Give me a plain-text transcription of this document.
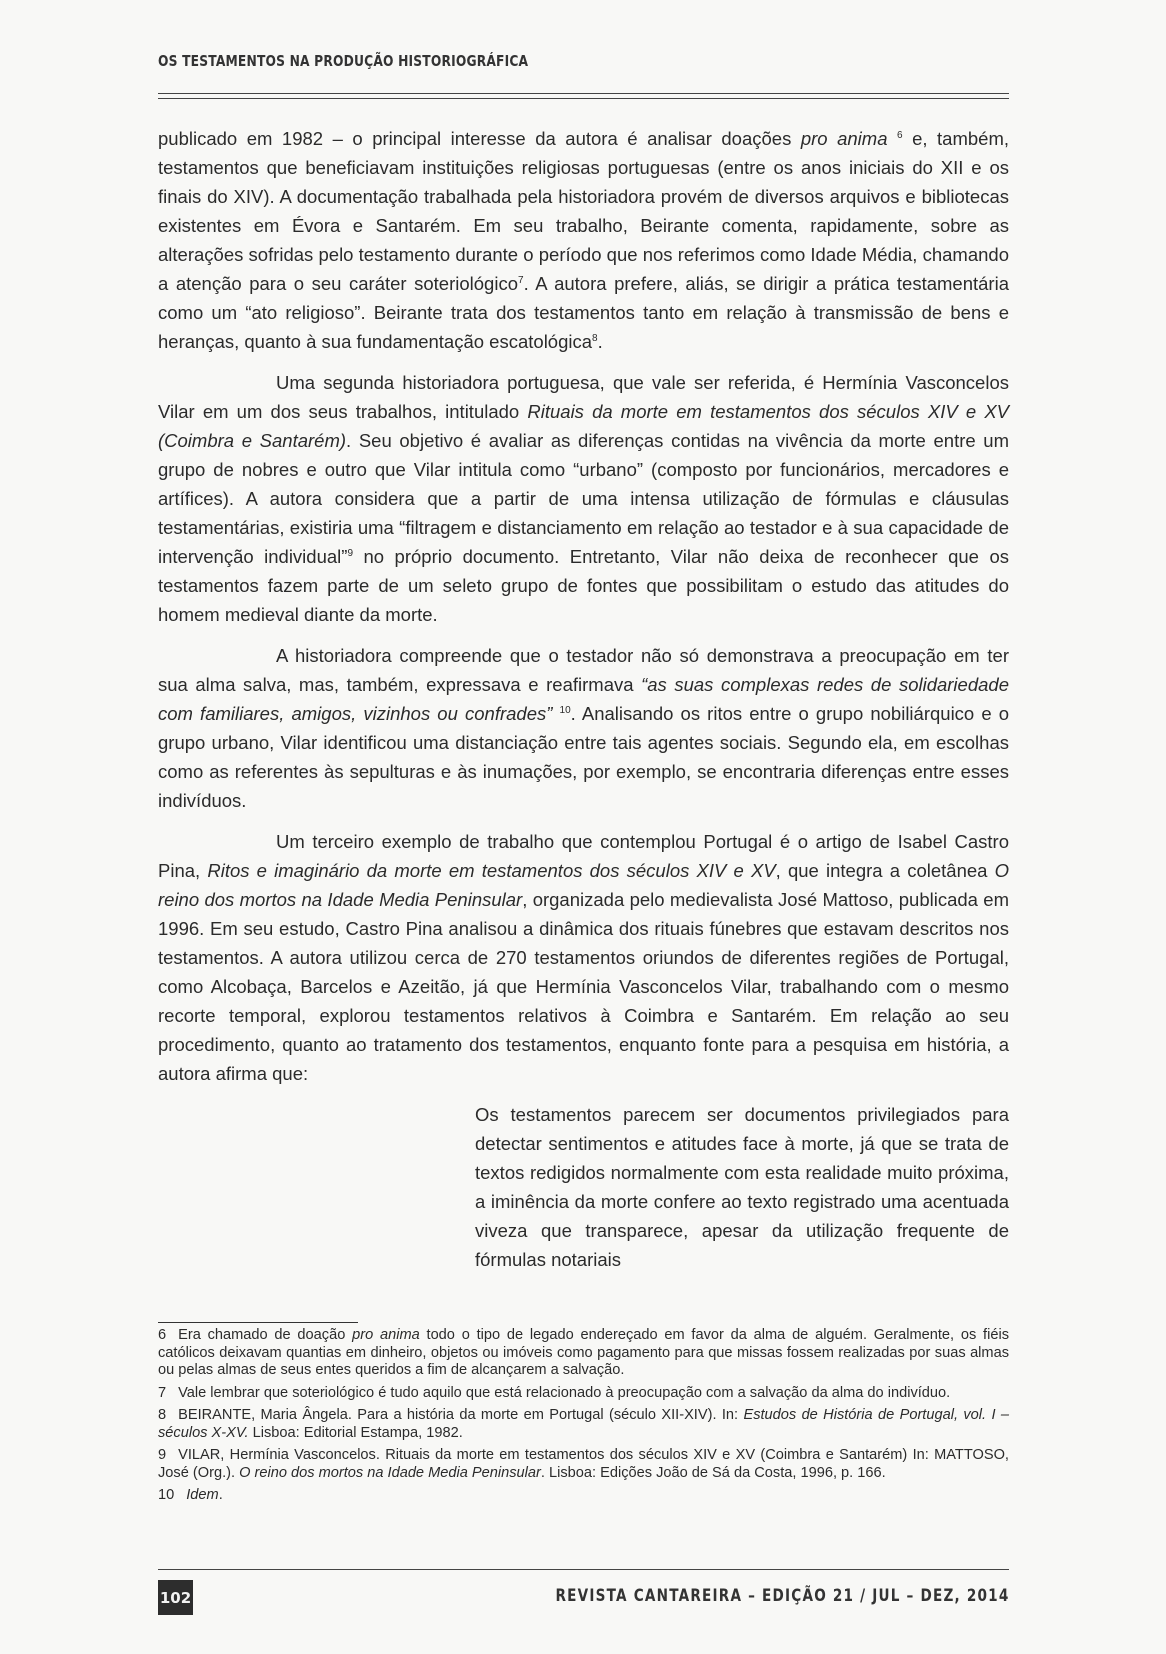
OS TESTAMENTOS NA PRODUÇÃO HISTORIOGRÁFICA

publicado em 1982 – o principal interesse da autora é analisar doações pro anima $^6$ e, também, testamentos que beneficiavam instituições religiosas portuguesas (entre os anos iniciais do XII e os finais do XIV). A documentação trabalhada pela historiadora provém de diversos arquivos e bibliotecas existentes em Évora e Santarém. Em seu trabalho, Beirante comenta, rapidamente, sobre as alterações sofridas pelo testamento durante o período que nos referimos como Idade Média, chamando a atenção para o seu caráter soteriológico$^7$. A autora prefere, aliás, se dirigir a prática testamentária como um “ato religioso”. Beirante trata dos testamentos tanto em relação à transmissão de bens e heranças, quanto à sua fundamentação escatológica$^8$.

Uma segunda historiadora portuguesa, que vale ser referida, é Hermínia Vasconcelos Vilar em um dos seus trabalhos, intitulado Rituais da morte em testamentos dos séculos XIV e XV (Coimbra e Santarém). Seu objetivo é avaliar as diferenças contidas na vivência da morte entre um grupo de nobres e outro que Vilar intitula como “urbano” (composto por funcionários, mercadores e artífices). A autora considera que a partir de uma intensa utilização de fórmulas e cláusulas testamentárias, existiria uma “filtragem e distanciamento em relação ao testador e à sua capacidade de intervenção individual”$^9$ no próprio documento. Entretanto, Vilar não deixa de reconhecer que os testamentos fazem parte de um seleto grupo de fontes que possibilitam o estudo das atitudes do homem medieval diante da morte.

A historiadora compreende que o testador não só demonstrava a preocupação em ter sua alma salva, mas, também, expressava e reafirmava “as suas complexas redes de solidariedade com familiares, amigos, vizinhos ou confrades” $^{10}$. Analisando os ritos entre o grupo nobiliárquico e o grupo urbano, Vilar identificou uma distanciação entre tais agentes sociais. Segundo ela, em escolhas como as referentes às sepulturas e às inumações, por exemplo, se encontraria diferenças entre esses indivíduos.

Um terceiro exemplo de trabalho que contemplou Portugal é o artigo de Isabel Castro Pina, Ritos e imaginário da morte em testamentos dos séculos XIV e XV, que integra a coletânea O reino dos mortos na Idade Media Peninsular, organizada pelo medievalista José Mattoso, publicada em 1996. Em seu estudo, Castro Pina analisou a dinâmica dos rituais fúnebres que estavam descritos nos testamentos. A autora utilizou cerca de 270 testamentos oriundos de diferentes regiões de Portugal, como Alcobaça, Barcelos e Azeitão, já que Hermínia Vasconcelos Vilar, trabalhando com o mesmo recorte temporal, explorou testamentos relativos à Coimbra e Santarém. Em relação ao seu procedimento, quanto ao tratamento dos testamentos, enquanto fonte para a pesquisa em história, a autora afirma que:

Os testamentos parecem ser documentos privilegiados para detectar sentimentos e atitudes face à morte, já que se trata de textos redigidos normalmente com esta realidade muito próxima, a iminência da morte confere ao texto registrado uma acentuada viveza que transparece, apesar da utilização frequente de fórmulas notariais

6 Era chamado de doação pro anima todo o tipo de legado endereçado em favor da alma de alguém. Geralmente, os fiéis católicos deixavam quantias em dinheiro, objetos ou imóveis como pagamento para que missas fossem realizadas por suas almas ou pelas almas de seus entes queridos a fim de alcançarem a salvação.
7 Vale lembrar que soteriológico é tudo aquilo que está relacionado à preocupação com a salvação da alma do indivíduo.
8 BEIRANTE, Maria Ângela. Para a história da morte em Portugal (século XII-XIV). In: Estudos de História de Portugal, vol. I – séculos X-XV. Lisboa: Editorial Estampa, 1982.
9 VILAR, Hermínia Vasconcelos. Rituais da morte em testamentos dos séculos XIV e XV (Coimbra e Santarém) In: MATTOSO, José (Org.). O reino dos mortos na Idade Media Peninsular. Lisboa: Edições João de Sá da Costa, 1996, p. 166.
10 Idem.
102	REVISTA CANTAREIRA – EDIÇÃO 21 / JUL – DEZ, 2014
